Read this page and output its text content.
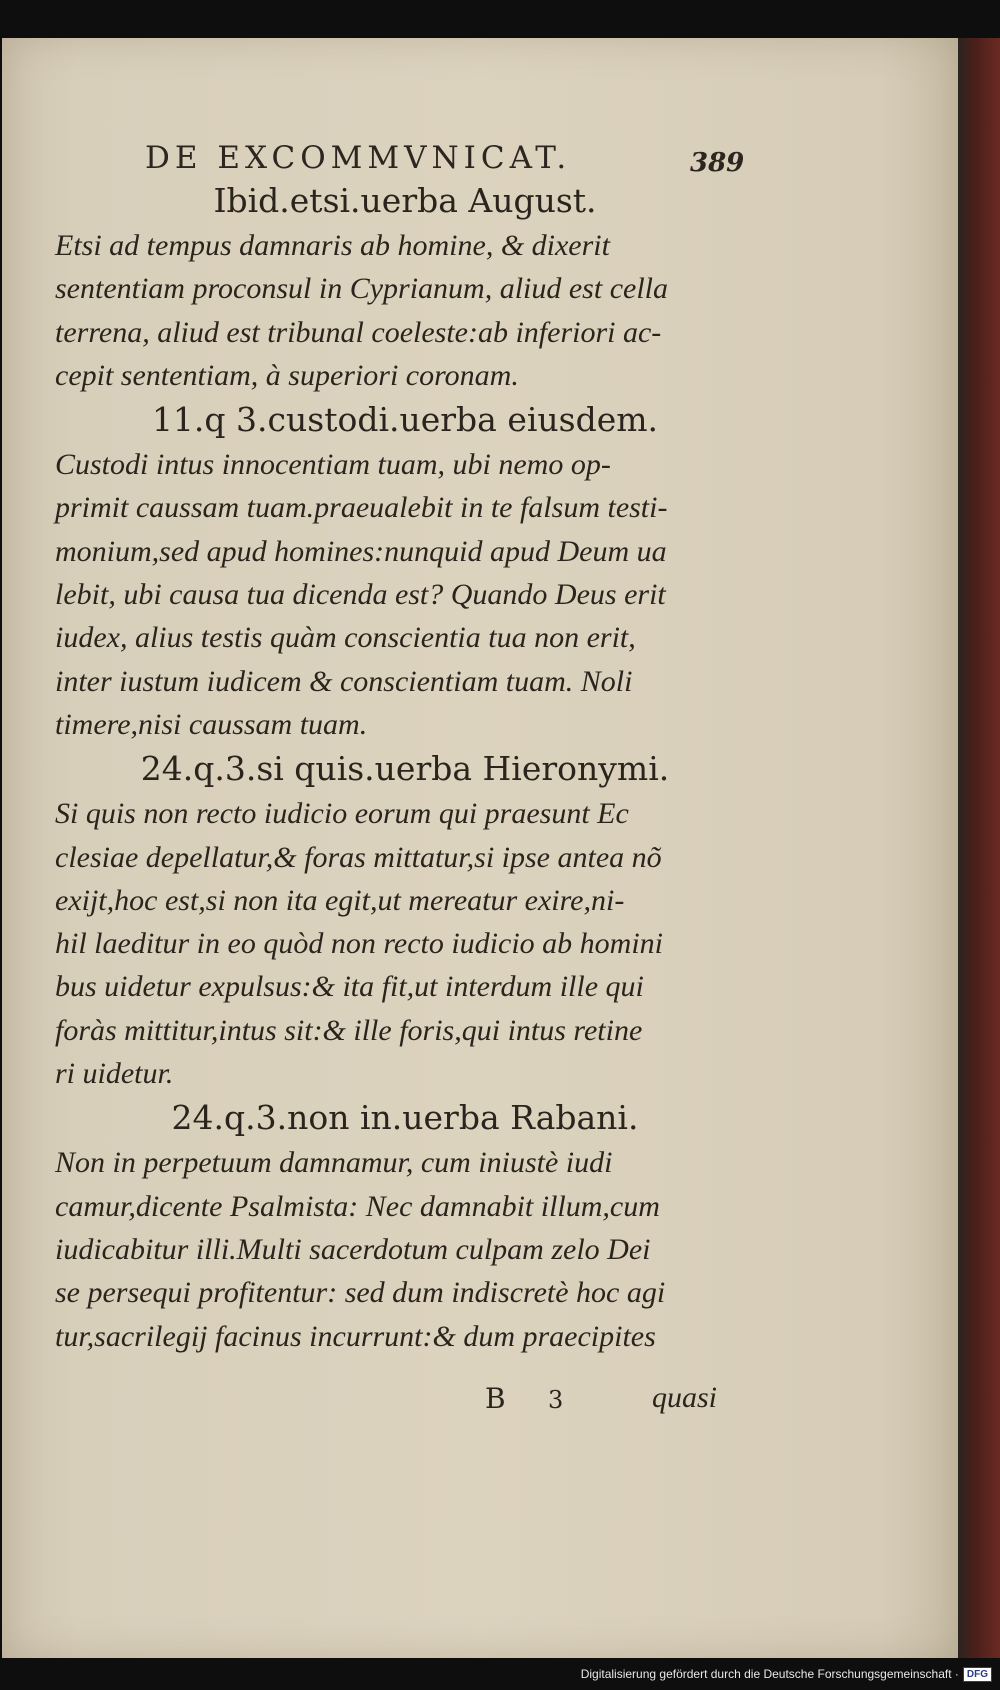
DE EXCOMMVNICAT.	389
Ibid.etsi.uerba August.
Etsi ad tempus damnaris ab homine, & dixerit
sententiam proconsul in Cyprianum, aliud est cella
terrena, aliud est tribunal coeleste:ab inferiori ac-
cepit sententiam, à superiori coronam.
11.q 3.custodi.uerba eiusdem.
Custodi intus innocentiam tuam, ubi nemo op-
primit caussam tuam.praeualebit in te falsum testi-
monium,sed apud homines:nunquid apud Deum ua
lebit, ubi causa tua dicenda est? Quando Deus erit
iudex, alius testis quàm conscientia tua non erit,
inter iustum iudicem & conscientiam tuam. Noli
timere,nisi caussam tuam.
24.q.3.si quis.uerba Hieronymi.
Si quis non recto iudicio eorum qui praesunt Ec
clesiae depellatur,& foras mittatur,si ipse antea nõ
exijt,hoc est,si non ita egit,ut mereatur exire,ni-
hil laeditur in eo quòd non recto iudicio ab homini
bus uidetur expulsus:& ita fit,ut interdum ille qui
foràs mittitur,intus sit:& ille foris,qui intus retine
ri uidetur.
24.q.3.non in.uerba Rabani.
Non in perpetuum damnamur, cum iniustè iudi
camur,dicente Psalmista: Nec damnabit illum,cum
iudicabitur illi.Multi sacerdotum culpam zelo Dei
se persequi profitentur: sed dum indiscretè hoc agi
tur,sacrilegij facinus incurrunt:& dum praecipites
B 3	quasi
Digitalisierung gefördert durch die Deutsche Forschungsgemeinschaft · DFG
